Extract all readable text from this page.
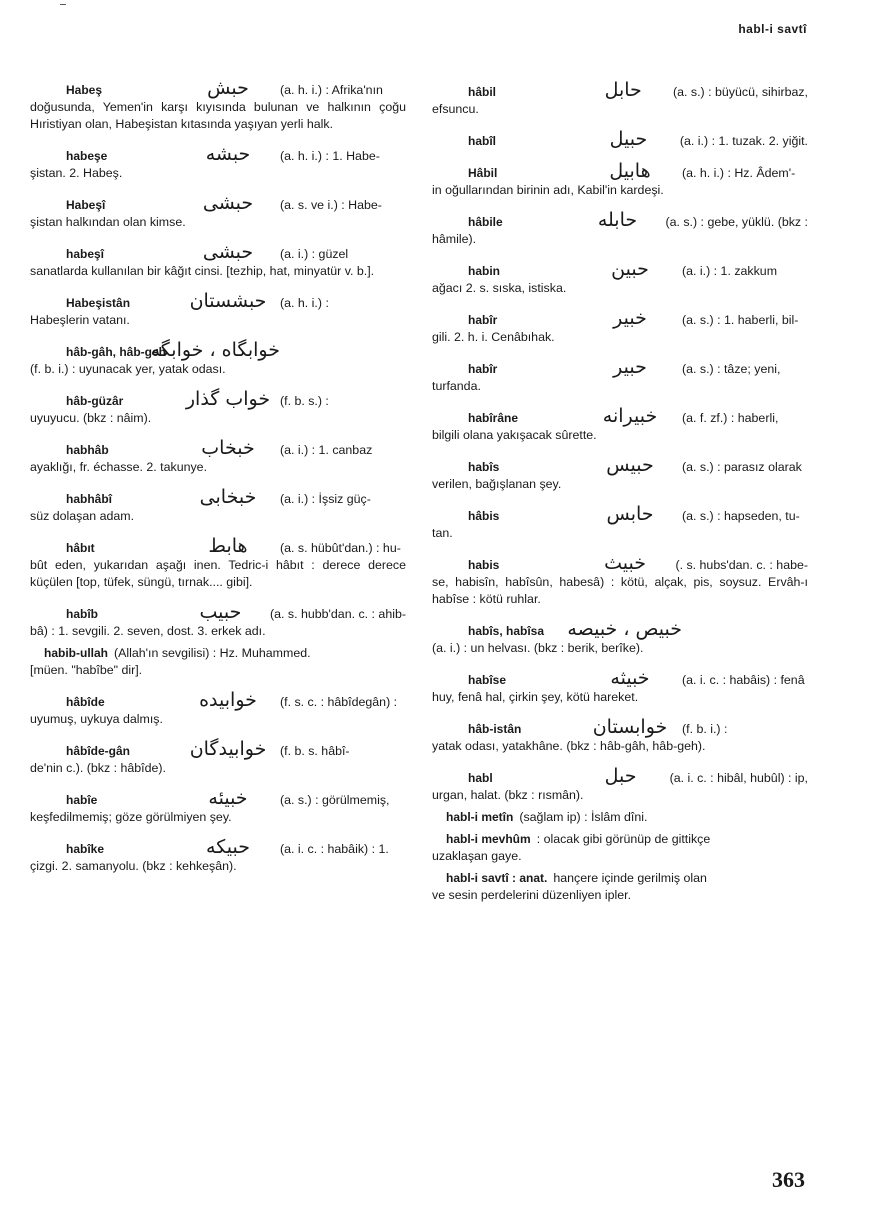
habl-i savtî
Habeş	حبش	(a. h. i.) : Afrika'nın
doğusunda, Yemen'in karşı kıyısında bulunan ve halkının çoğu Hıristiyan olan, Habeşistan kıtasında yaşıyan yerli halk.
habeşe	حبشه	(a. h. i.) : 1. Habe-
şistan. 2. Habeş.
Habeşî	حبشى	(a. s. ve i.) : Habe-
şistan halkından olan kimse.
habeşî	حبشى	(a. i.) : güzel
sanatlarda kullanılan bir kâğıt cinsi. [tezhip, hat, minyatür v. b.].
Habeşistân	حبشستان	(a. h. i.) :
Habeşlerin vatanı.
hâb-gâh, hâb-geh
خوابگاه ، خوابگه
(f. b. i.) : uyunacak yer, yatak odası.
hâb-güzâr	خواب گذار (f. b. s.) :
uyuyucu. (bkz : nâim).
habhâb	خبخاب	(a. i.) : 1. canbaz
ayaklığı, fr. échasse. 2. takunye.
habhâbî	خبخابى	(a. i.) : İşsiz güç-
süz dolaşan adam.
hâbıt	هابط	(a. s. hübût'dan.) : hu-
bût eden, yukarıdan aşağı inen. Tedric-i hâbıt : derece derece küçülen [top, tüfek, süngü, tırnak.... gibi].
habîb	حبيب	(a. s. hubb'dan. c. : ahib-
bâ) : 1. sevgili. 2. seven, dost. 3. erkek adı.
habib-ullah (Allah'ın sevgilisi) : Hz. Muhammed.
[müen. "habîbe" dir].
hâbîde	خوابيده	(f. s. c. : hâbîdegân) :
uyumuş, uykuya dalmış.
hâbîde-gân	خوابيدگان	(f. b. s. hâbî-
de'nin c.). (bkz : hâbîde).
habîe	خبيئه	(a. s.) : görülmemiş,
keşfedilmemiş; göze görülmiyen şey.
habîke	حبيكه	(a. i. c. : habâik) : 1.
çizgi. 2. samanyolu. (bkz : kehkeşân).
hâbil	حابل	(a. s.) : büyücü, sihirbaz,
efsuncu.
habîl	حبيل	(a. i.) : 1. tuzak. 2. yiğit.
Hâbil	هابيل	(a. h. i.) : Hz. Âdem'-
in oğullarından birinin adı, Kabil'in kardeşi.
hâbile	حابله	(a. s.) : gebe, yüklü. (bkz :
hâmile).
habin	حبين	(a. i.) : 1. zakkum
ağacı 2. s. sıska, istiska.
habîr	خبير	(a. s.) : 1. haberli, bil-
gili. 2. h. i. Cenâbıhak.
habîr	حبير	(a. s.) : tâze; yeni,
turfanda.
habîrâne	خبيرانه	(a. f. zf.) : haberli,
bilgili olana yakışacak sûrette.
habîs	حبيس	(a. s.) : parasız olarak
verilen, bağışlanan şey.
hâbis	حابس	(a. s.) : hapseden, tu-
tan.
habis	خبيث	(. s. hubs'dan. c. : habe-
se, habisîn, habîsûn, habesâ) : kötü, alçak, pis, soysuz. Ervâh-ı habîse : kötü ruhlar.
habîs, habîsa	خبيص ، خبيصه
(a. i.) : un helvası. (bkz : berik, berîke).
habîse	خبيثه	(a. i. c. : habâis) : fenâ
huy, fenâ hal, çirkin şey, kötü hareket.
hâb-istân	خوابستان	(f. b. i.) :
yatak odası, yatakhâne. (bkz : hâb-gâh, hâb-geh).
habl	حبل	(a. i. c. : hibâl, hubûl) : ip,
urgan, halat. (bkz : rısmân).
habl-i metîn (sağlam ip) : İslâm dîni.
habl-i mevhûm : olacak gibi görünüp de gittikçe
uzaklaşan gaye.
habl-i savtî : anat. hançere içinde gerilmiş olan
ve sesin perdelerini düzenliyen ipler.
363
